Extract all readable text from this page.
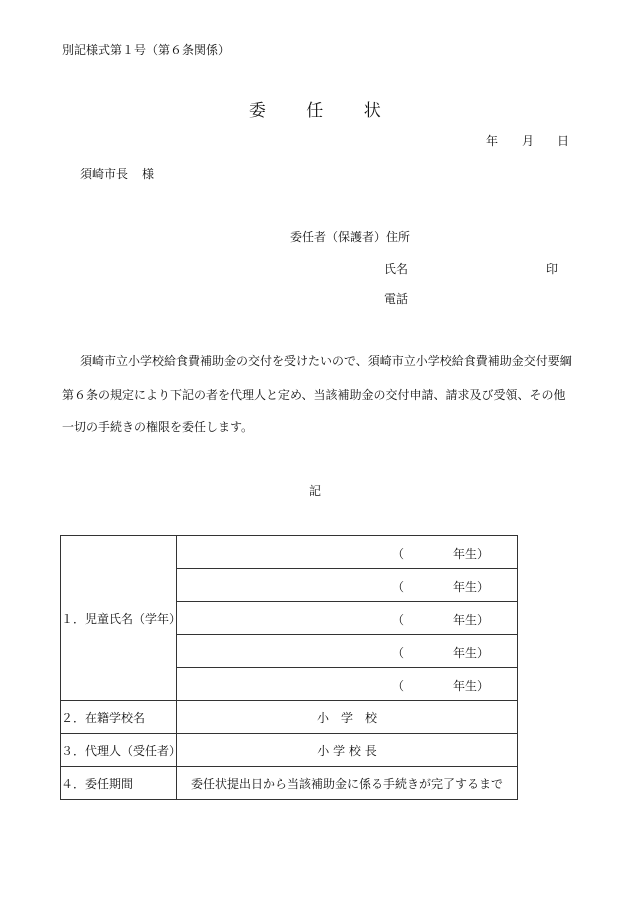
別記様式第１号（第６条関係）
委 任 状
年 月 日
須崎市長 様
委任者（保護者）住所
氏名	印
電話
須崎市立小学校給食費補助金の交付を受けたいので、須崎市立小学校給食費補助金交付要綱
第６条の規定により下記の者を代理人と定め、当該補助金の交付申請、請求及び受領、その他
一切の手続きの権限を委任します。
記
１．児童氏名（学年）	（ 年生）

	（ 年生）

	（ 年生）

	（ 年生）

	（ 年生）

２．在籍学校名	小　学　校
３．代理人（受任者）	小 学 校 長
４．委任期間	委任状提出日から当該補助金に係る手続きが完了するまで
